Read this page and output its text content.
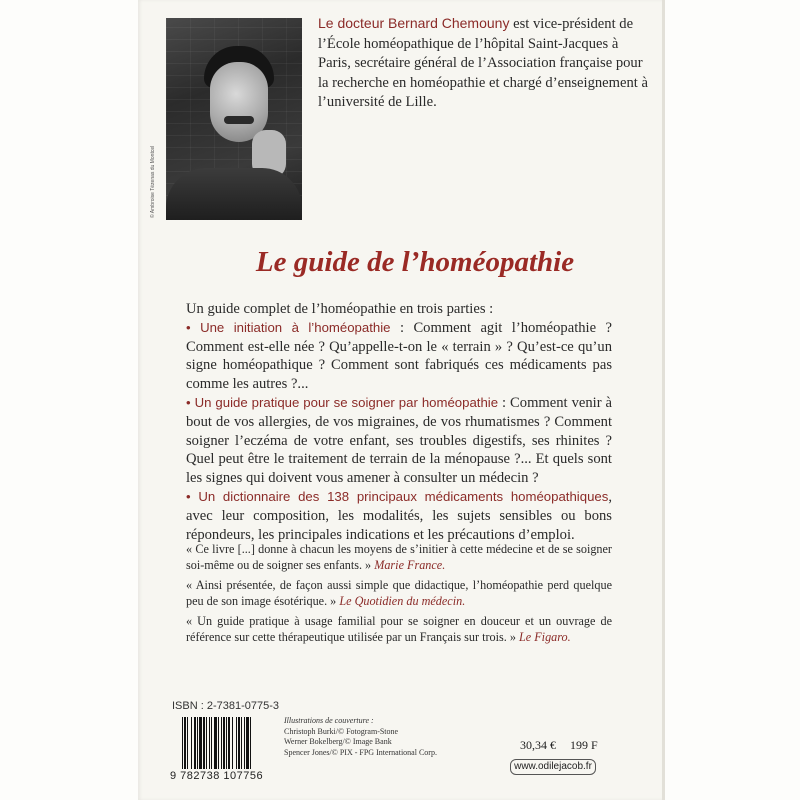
© Ambroise Tézenas du Montcel
Le docteur Bernard Chemouny est vice-président de l’École homéopathique de l’hôpital Saint-Jacques à Paris, secrétaire général de l’Association française pour la recherche en homéopathie et chargé d’enseignement à l’université de Lille.
Le guide de l’homéopathie

Un guide complet de l’homéopathie en trois parties :

• Une initiation à l’homéopathie : Comment agit l’homéopathie ? Comment est-elle née ? Qu’appelle-t-on le « terrain » ? Qu’est-ce qu’un signe homéopathique ? Comment sont fabriqués ces médicaments pas comme les autres ?...

• Un guide pratique pour se soigner par homéopathie : Comment venir à bout de vos allergies, de vos migraines, de vos rhumatismes ? Comment soigner l’eczéma de votre enfant, ses troubles digestifs, ses rhinites ? Quel peut être le traitement de terrain de la ménopause ?... Et quels sont les signes qui doivent vous amener à consulter un médecin ?

• Un dictionnaire des 138 principaux médicaments homéopathiques, avec leur composition, les modalités, les sujets sensibles ou bons répondeurs, les principales indications et les précautions d’emploi.

« Ce livre [...] donne à chacun les moyens de s’initier à cette médecine et de se soigner soi-même ou de soigner ses enfants. » Marie France.

« Ainsi présentée, de façon aussi simple que didactique, l’homéopathie perd quelque peu de son image ésotérique. » Le Quotidien du médecin.

« Un guide pratique à usage familial pour se soigner en douceur et un ouvrage de référence sur cette thérapeutique utilisée par un Français sur trois. » Le Figaro.

ISBN : 2-7381-0775-3
9 782738 107756
Illustrations de couverture :
Christoph Burki/© Fotogram-Stone
Werner Bokelberg/© Image Bank
Spencer Jones/© PIX - FPG International Corp.
30,34 € 199 F
www.odilejacob.fr
